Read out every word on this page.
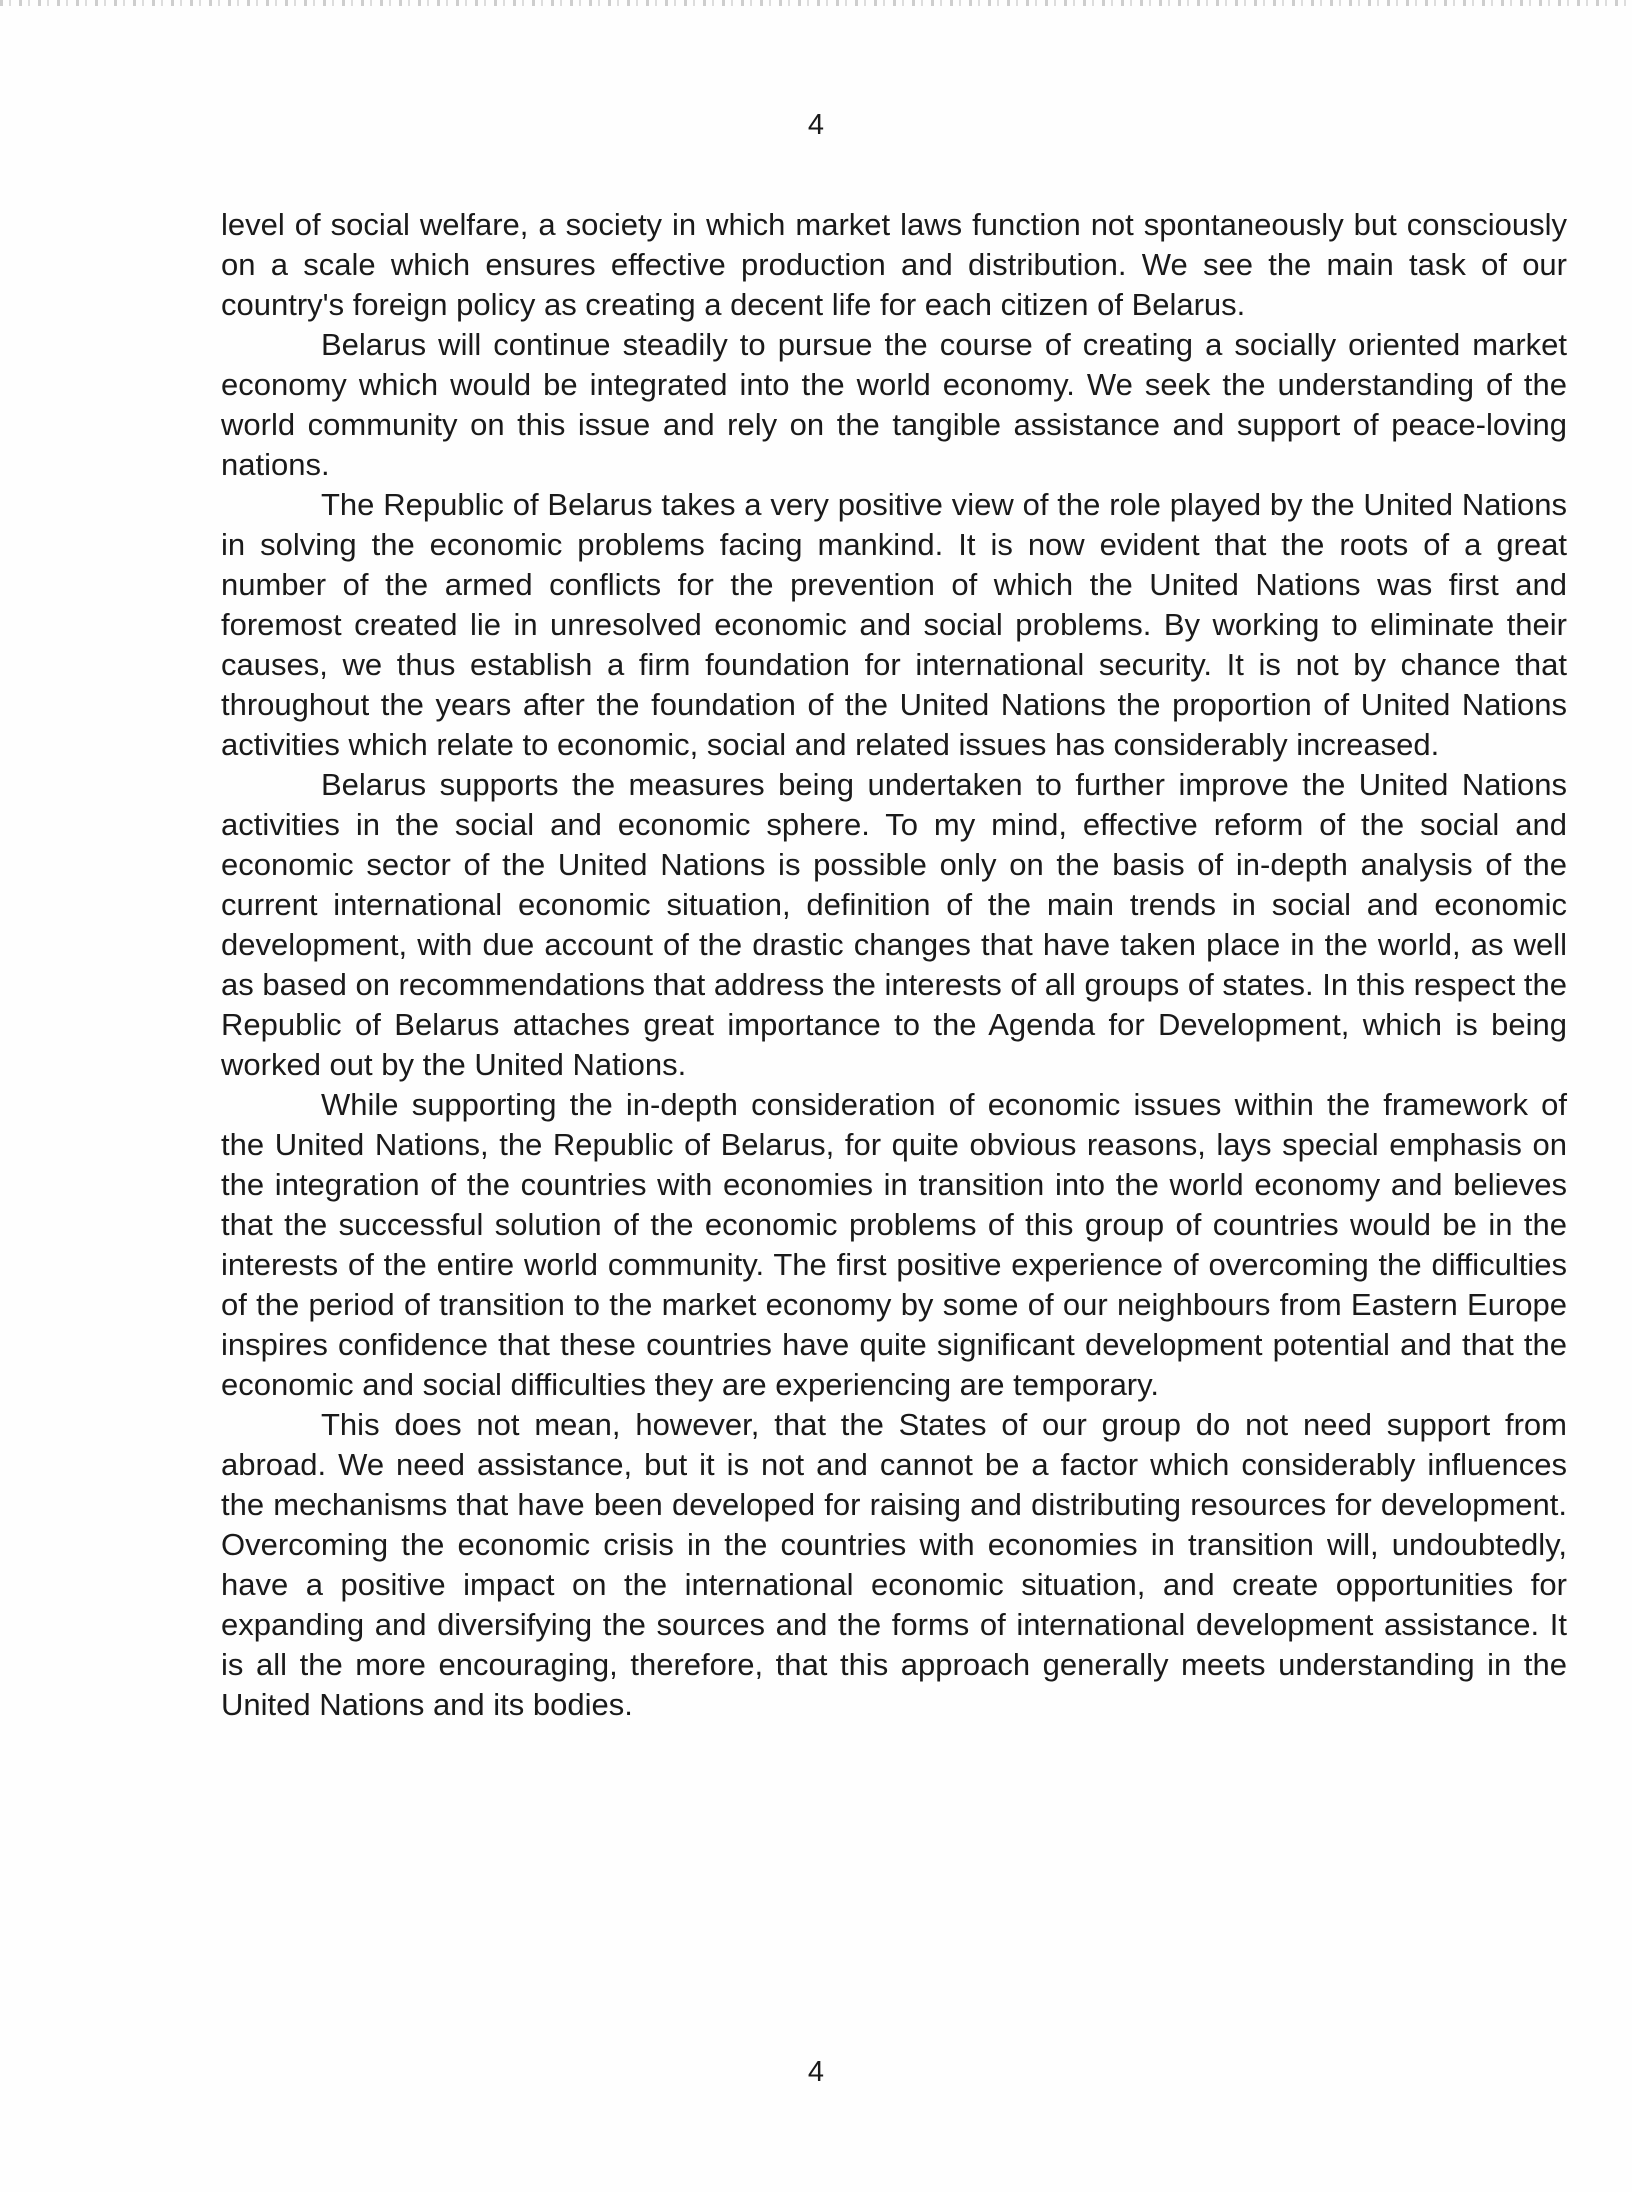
4

level of social welfare, a society in which market laws function not spontaneously but consciously on a scale which ensures effective production and distribution. We see the main task of our country's foreign policy as creating a decent life for each citizen of Belarus.

Belarus will continue steadily to pursue the course of creating a socially oriented market economy which would be integrated into the world economy. We seek the understanding of the world community on this issue and rely on the tangible assistance and support of peace-loving nations.

The Republic of Belarus takes a very positive view of the role played by the United Nations in solving the economic problems facing mankind. It is now evident that the roots of a great number of the armed conflicts for the prevention of which the United Nations was first and foremost created lie in unresolved economic and social problems. By working to eliminate their causes, we thus establish a firm foundation for international security. It is not by chance that throughout the years after the foundation of the United Nations the proportion of United Nations activities which relate to economic, social and related issues has considerably increased.

Belarus supports the measures being undertaken to further improve the United Nations activities in the social and economic sphere. To my mind, effective reform of the social and economic sector of the United Nations is possible only on the basis of in-depth analysis of the current international economic situation, definition of the main trends in social and economic development, with due account of the drastic changes that have taken place in the world, as well as based on recommendations that address the interests of all groups of states. In this respect the Republic of Belarus attaches great importance to the Agenda for Development, which is being worked out by the United Nations.

While supporting the in-depth consideration of economic issues within the framework of the United Nations, the Republic of Belarus, for quite obvious reasons, lays special emphasis on the integration of the countries with economies in transition into the world economy and believes that the successful solution of the economic problems of this group of countries would be in the interests of the entire world community. The first positive experience of overcoming the difficulties of the period of transition to the market economy by some of our neighbours from Eastern Europe inspires confidence that these countries have quite significant development potential and that the economic and social difficulties they are experiencing are temporary.

This does not mean, however, that the States of our group do not need support from abroad. We need assistance, but it is not and cannot be a factor which considerably influences the mechanisms that have been developed for raising and distributing resources for development. Overcoming the economic crisis in the countries with economies in transition will, undoubtedly, have a positive impact on the international economic situation, and create opportunities for expanding and diversifying the sources and the forms of international development assistance. It is all the more encouraging, therefore, that this approach generally meets understanding in the United Nations and its bodies.

4
